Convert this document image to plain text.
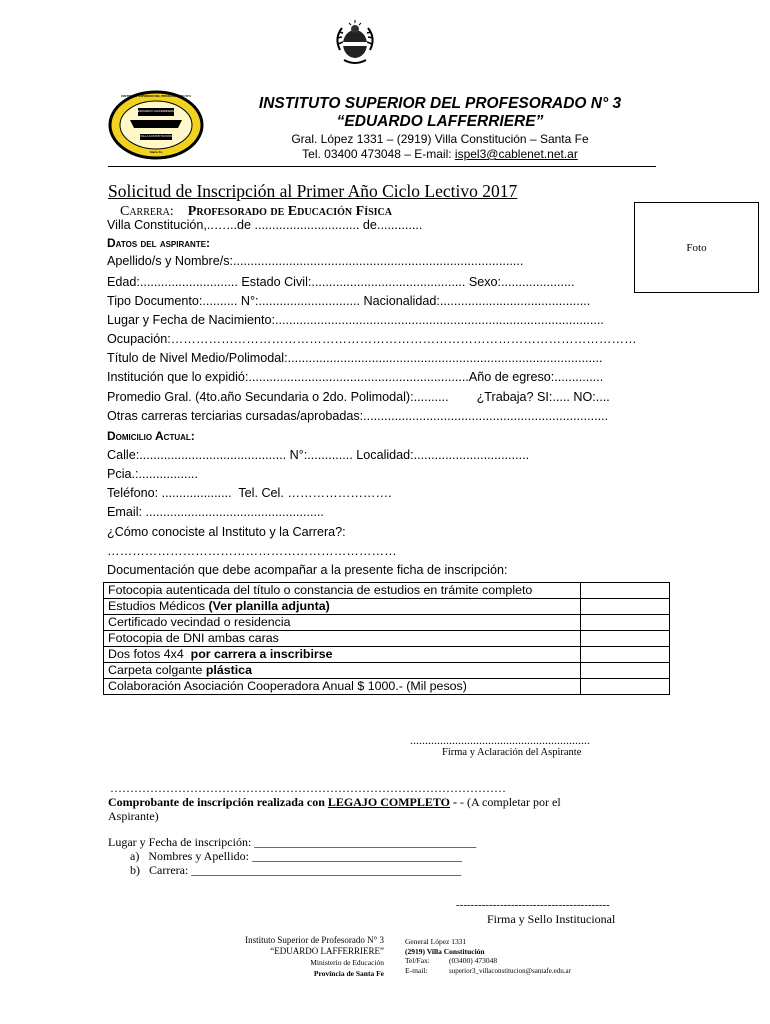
INSTITUTO SUPERIOR DEL PROFESORADO N°3
EDUARDO LAFFERRIERE
VILLA CONSTITUCIÓN
Santa Fe
INSTITUTO SUPERIOR DEL PROFESORADO N° 3
“EDUARDO LAFFERRIERE”
Gral. López 1331 – (2919) Villa Constitución – Santa Fe
Tel. 03400 473048 – E-mail: ispel3@cablenet.net.ar
Solicitud de Inscripción al Primer Año Ciclo Lectivo 2017
Carrera: Profesorado de Educación Física
Foto
Villa Constitución,..…...de .............................. de.............
Datos del aspirante:
Apellido/s y Nombre/s:...................................................................................
Edad:............................ Estado Civil:............................................ Sexo:.....................
Tipo Documento:.......... N°:............................. Nacionalidad:...........................................
Lugar y Fecha de Nacimiento:..............................................................................................
Ocupación:…………………………………………………………………………………………………
Título de Nivel Medio/Polimodal:..........................................................................................
Institución que lo expidió:...............................................................Año de egreso:..............
Promedio Gral. (4to.año Secundaria o 2do. Polimodal):..........        ¿Trabaja? SI:..... NO:....
Otras carreras terciarias cursadas/aprobadas:......................................................................
Domicilio Actual:
Calle:.......................................... N°:............. Localidad:.................................
Pcia.:.................
Teléfono: ....................  Tel. Cel. …………………….
Email: ...................................................
¿Cómo conociste al Instituto y la Carrera?:
……………………………………………………………
Documentación que debe acompañar a la presente ficha de inscripción:
Fotocopia autenticada del título o constancia de estudios en trámite completo	
Estudios Médicos (Ver planilla adjunta)	
Certificado vecindad o residencia	
Fotocopia de DNI ambas caras	
Dos fotos 4x4  por carrera a inscribirse	
Carpeta colgante plástica	
Colaboración Asociación Cooperadora Anual $ 1000.- (Mil pesos)	
............................................................
Firma y Aclaración del Aspirante
………………………………………………………………………………………
Comprobante de inscripción realizada con LEGAJO COMPLETO - - (A completar por el
Aspirante)
Lugar y Fecha de inscripción: _____________________________________
a)   Nombres y Apellido: ___________________________________
b)   Carrera: _____________________________________________
------------------------------------------
Firma y Sello Institucional
Instituto Superior de Profesorado N° 3
“EDUARDO LAFFERRIERE”
Ministerio de Educación
Provincia de Santa Fe
General López 1331
(2919) Villa Constitución
Tel/Fax:	(03400) 473048
E-mail:	superior3_villaconstitucion@santafe.edu.ar
